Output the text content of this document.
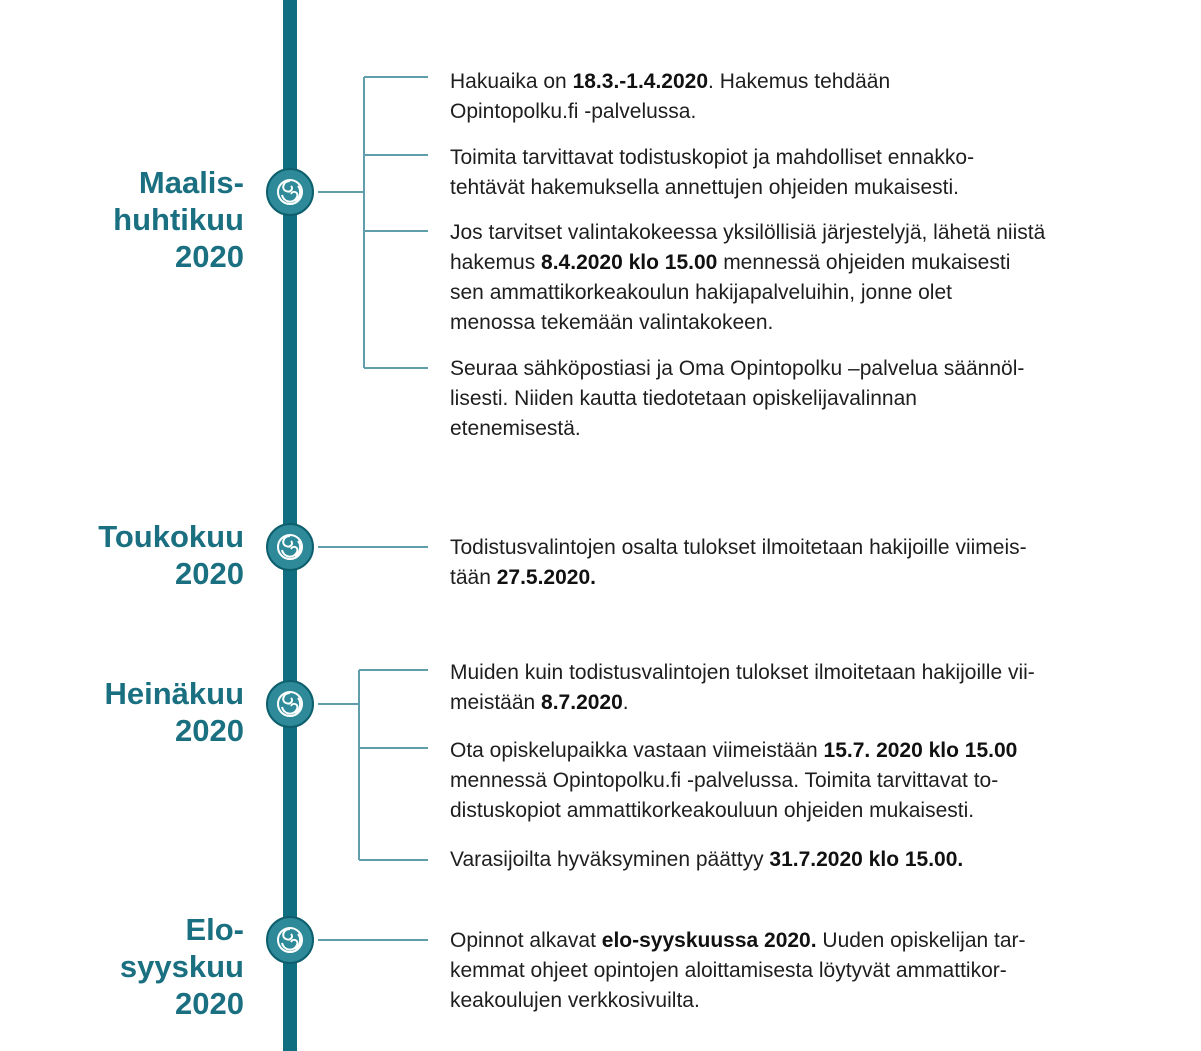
Maalis-
huhtikuu
2020
Toukokuu
2020
Heinäkuu
2020
Elo-
syyskuu
2020
Hakuaika on 18.3.-1.4.2020. Hakemus tehdään
Opintopolku.fi -palvelussa.
Toimita tarvittavat todistuskopiot ja mahdolliset ennakko-
tehtävät hakemuksella annettujen ohjeiden mukaisesti.
Jos tarvitset valintakokeessa yksilöllisiä järjestelyjä, lähetä niistä
hakemus 8.4.2020 klo 15.00 mennessä ohjeiden mukaisesti
sen ammattikorkeakoulun hakijapalveluihin, jonne olet
menossa tekemään valintakokeen.
Seuraa sähköpostiasi ja Oma Opintopolku –palvelua säännöl-
lisesti. Niiden kautta tiedotetaan opiskelijavalinnan
etenemisestä.
Todistusvalintojen osalta tulokset ilmoitetaan hakijoille viimeis-
tään 27.5.2020.
Muiden kuin todistusvalintojen tulokset ilmoitetaan hakijoille vii-
meistään 8.7.2020.
Ota opiskelupaikka vastaan viimeistään 15.7. 2020 klo 15.00
mennessä Opintopolku.fi -palvelussa. Toimita tarvittavat to-
distuskopiot ammattikorkeakouluun ohjeiden mukaisesti.
Varasijoilta hyväksyminen päättyy 31.7.2020 klo 15.00.
Opinnot alkavat elo-syyskuussa 2020. Uuden opiskelijan tar-
kemmat ohjeet opintojen aloittamisesta löytyvät ammattikor-
keakoulujen verkkosivuilta.
